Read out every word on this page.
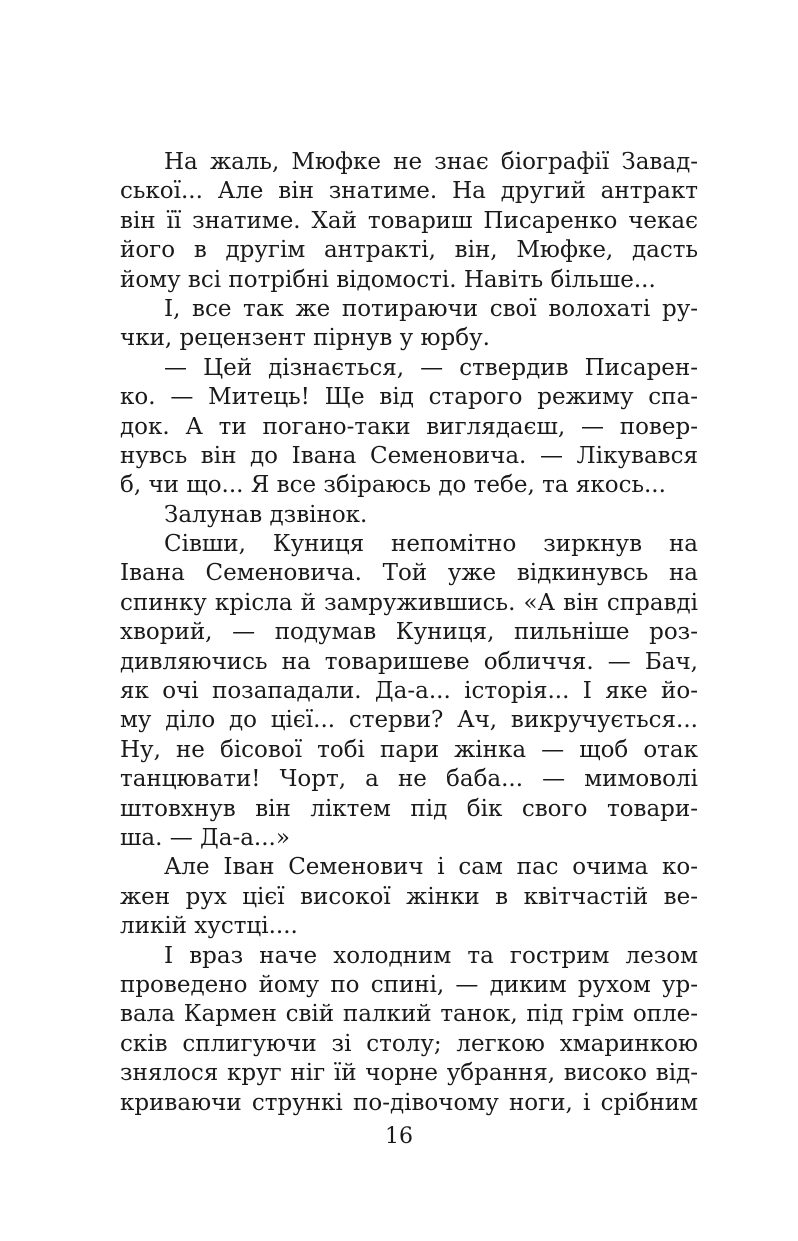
На жаль, Мюфке не знає біографії Завад-
ської... Але він знатиме. На другий антракт
він її знатиме. Хай товариш Писаренко чекає
його в другім антракті, він, Мюфке, дасть
йому всі потрібні відомості. Навіть більше...
І, все так же потираючи свої волохаті ру-
чки, рецензент пірнув у юрбу.
— Цей дізнається, — ствердив Писарен-
ко. — Митець! Ще від старого режиму спа-
док. А ти погано-таки виглядаєш, — повер-
нувсь він до Івана Семеновича. — Лікувався
б, чи що... Я все збіраюсь до тебе, та якось...
Залунав дзвінок.
Сівши, Куниця непомітно зиркнув на
Івана Семеновича. Той уже відкинувсь на
спинку крісла й замружившись. «А він справді
хворий, — подумав Куниця, пильніше роз-
дивляючись на товаришеве обличчя. — Бач,
як очі позападали. Да-а... історія... І яке йо-
му діло до цієї... стерви? Ач, викручується...
Ну, не бісової тобі пари жінка — щоб отак
танцювати! Чорт, а не баба... — мимоволі
штовхнув він ліктем під бік свого товари-
ша. — Да-а...»
Але Іван Семенович і сам пас очима ко-
жен рух цієї високої жінки в квітчастій ве-
ликій хустці....
І враз наче холодним та гострим лезом
проведено йому по спині, — диким рухом ур-
вала Кармен свій палкий танок, під грім опле-
сків сплигуючи зі столу; легкою хмаринкою
знялося круг ніг їй чорне убрання, високо від-
криваючи стрункі по-дівочому ноги, і срібним
16
